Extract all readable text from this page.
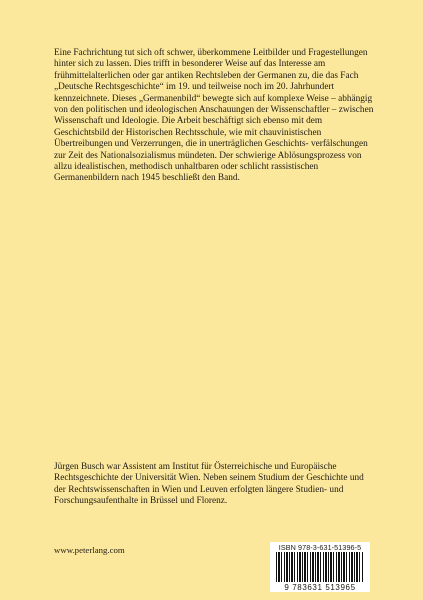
Eine Fachrichtung tut sich oft schwer, überkommene Leitbilder und Fragestellungen hinter sich zu lassen. Dies trifft in besonderer Weise auf das Interesse am frühmittelalterlichen oder gar antiken Rechtsleben der Germanen zu, die das Fach „Deutsche Rechtsgeschichte“ im 19. und teilweise noch im 20. Jahrhundert kennzeichnete. Dieses „Germanenbild“ bewegte sich auf komplexe Weise – abhängig von den politischen und ideologischen Anschauungen der Wissenschaftler – zwischen Wissenschaft und Ideologie. Die Arbeit beschäftigt sich ebenso mit dem Geschichtsbild der Historischen Rechtsschule, wie mit chauvinistischen Übertreibungen und Verzerrungen, die in unerträglichen Geschichts- verfälschungen zur Zeit des Nationalsozialismus mündeten. Der schwierige Ablösungsprozess von allzu idealistischen, methodisch unhaltbaren oder schlicht rassistischen Germanenbildern nach 1945 beschließt den Band.

Jürgen Busch war Assistent am Institut für Österreichische und Europäische Rechtsgeschichte der Universität Wien. Neben seinem Studium der Geschichte und der Rechtswissenschaften in Wien und Leuven erfolgten längere Studien- und Forschungsaufenthalte in Brüssel und Florenz.

www.peterlang.com	ISBN 978-3-631-51396-5
9 783631 513965
